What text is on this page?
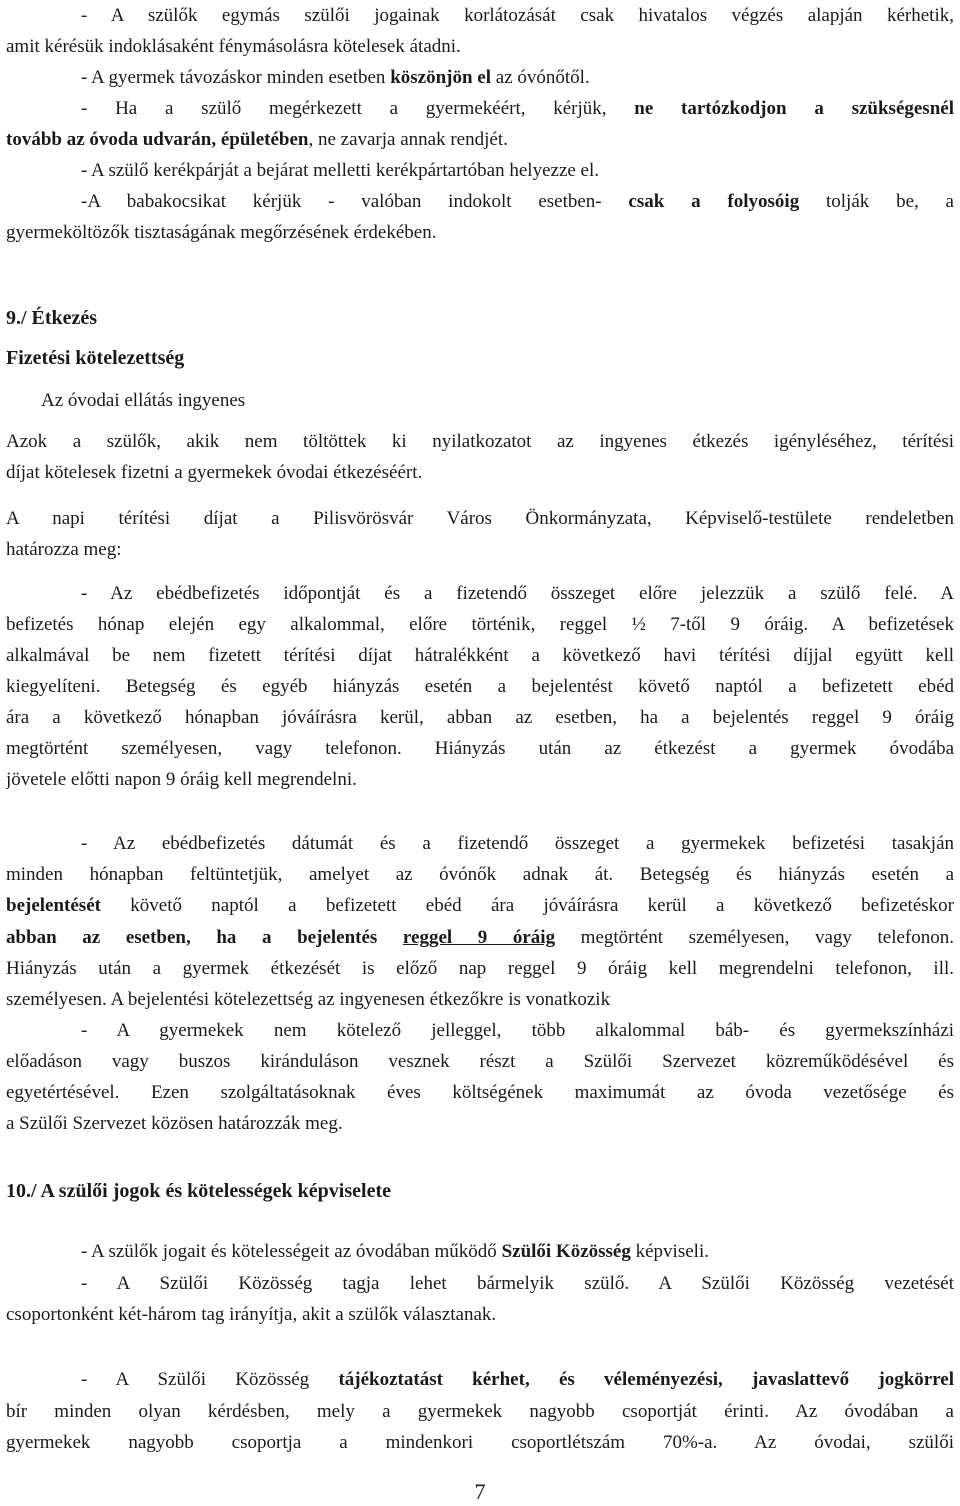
- A szülők egymás szülői jogainak korlátozását csak hivatalos végzés alapján kérhetik,
amit kérésük indoklásaként fénymásolásra kötelesek átadni.
- A gyermek távozáskor minden esetben köszönjön el az óvónőtől.
- Ha a szülő megérkezett a gyermekéért, kérjük, ne tartózkodjon a szükségesnél
tovább az óvoda udvarán, épületében, ne zavarja annak rendjét.
- A szülő kerékpárját a bejárat melletti kerékpártartóban helyezze el.
-A babakocsikat kérjük - valóban indokolt esetben- csak a folyosóig tolják be, a
gyermeköltözők tisztaságának megőrzésének érdekében.
9./ Étkezés
Fizetési kötelezettség
Az óvodai ellátás ingyenes
Azok a szülők, akik nem töltöttek ki nyilatkozatot az ingyenes étkezés igényléséhez, térítési
díjat kötelesek fizetni a gyermekek óvodai étkezéséért.
A napi térítési díjat a Pilisvörösvár Város Önkormányzata, Képviselő-testülete rendeletben
határozza meg:
- Az ebédbefizetés időpontját és a fizetendő összeget előre jelezzük a szülő felé. A
befizetés hónap elején egy alkalommal, előre történik, reggel ½ 7-től 9 óráig. A befizetések
alkalmával be nem fizetett térítési díjat hátralékként a következő havi térítési díjjal együtt kell
kiegyelíteni. Betegség és egyéb hiányzás esetén a bejelentést követő naptól a befizetett ebéd
ára a következő hónapban jóváírásra kerül, abban az esetben, ha a bejelentés reggel 9 óráig
megtörtént személyesen, vagy telefonon. Hiányzás után az étkezést a gyermek óvodába
jövetele előtti napon 9 óráig kell megrendelni.
- Az ebédbefizetés dátumát és a fizetendő összeget a gyermekek befizetési tasakján
minden hónapban feltüntetjük, amelyet az óvónők adnak át. Betegség és hiányzás esetén a
bejelentését követő naptól a befizetett ebéd ára jóváírásra kerül a következő befizetéskor
abban az esetben, ha a bejelentés reggel 9 óráig megtörtént személyesen, vagy telefonon.
Hiányzás után a gyermek étkezését is előző nap reggel 9 óráig kell megrendelni telefonon, ill.
személyesen. A bejelentési kötelezettség az ingyenesen étkezőkre is vonatkozik
- A gyermekek nem kötelező jelleggel, több alkalommal báb- és gyermekszínházi
előadáson vagy buszos kiránduláson vesznek részt a Szülői Szervezet közreműködésével és
egyetértésével. Ezen szolgáltatásoknak éves költségének maximumát az óvoda vezetősége és
a Szülői Szervezet közösen határozzák meg.
10./ A szülői jogok és kötelességek képviselete
- A szülők jogait és kötelességeit az óvodában működő Szülői Közösség képviseli.
- A Szülői Közösség tagja lehet bármelyik szülő. A Szülői Közösség vezetését
csoportonként két-három tag irányítja, akit a szülők választanak.
- A Szülői Közösség tájékoztatást kérhet, és véleményezési, javaslattevő jogkörrel
bír minden olyan kérdésben, mely a gyermekek nagyobb csoportját érinti. Az óvodában a
gyermekek nagyobb csoportja a mindenkori csoportlétszám 70%-a. Az óvodai, szülői
7
